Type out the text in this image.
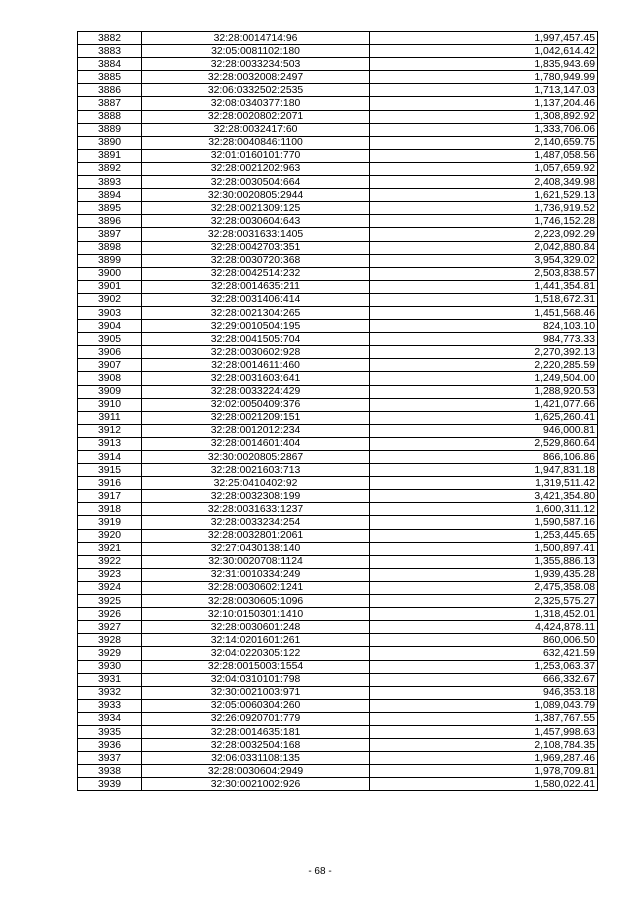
3882	32:28:0014714:96	1,997,457.45
3883	32:05:0081102:180	1,042,614.42
3884	32:28:0033234:503	1,835,943.69
3885	32:28:0032008:2497	1,780,949.99
3886	32:06:0332502:2535	1,713,147.03
3887	32:08:0340377:180	1,137,204.46
3888	32:28:0020802:2071	1,308,892.92
3889	32:28:0032417:60	1,333,706.06
3890	32:28:0040846:1100	2,140,659.75
3891	32:01:0160101:770	1,487,058.56
3892	32:28:0021202:963	1,057,659.92
3893	32:28:0030504:664	2,408,349.98
3894	32:30:0020805:2944	1,621,529.13
3895	32:28:0021309:125	1,736,919.52
3896	32:28:0030604:643	1,746,152.28
3897	32:28:0031633:1405	2,223,092.29
3898	32:28:0042703:351	2,042,880.84
3899	32:28:0030720:368	3,954,329.02
3900	32:28:0042514:232	2,503,838.57
3901	32:28:0014635:211	1,441,354.81
3902	32:28:0031406:414	1,518,672.31
3903	32:28:0021304:265	1,451,568.46
3904	32:29:0010504:195	824,103.10
3905	32:28:0041505:704	984,773.33
3906	32:28:0030602:928	2,270,392.13
3907	32:28:0014611:460	2,220,285.59
3908	32:28:0031603:641	1,249,504.00
3909	32:28:0033224:429	1,288,920.53
3910	32:02:0050409:376	1,421,077.66
3911	32:28:0021209:151	1,625,260.41
3912	32:28:0012012:234	946,000.81
3913	32:28:0014601:404	2,529,860.64
3914	32:30:0020805:2867	866,106.86
3915	32:28:0021603:713	1,947,831.18
3916	32:25:0410402:92	1,319,511.42
3917	32:28:0032308:199	3,421,354.80
3918	32:28:0031633:1237	1,600,311.12
3919	32:28:0033234:254	1,590,587.16
3920	32:28:0032801:2061	1,253,445.65
3921	32:27:0430138:140	1,500,897.41
3922	32:30:0020708:1124	1,355,886.13
3923	32:31:0010334:249	1,939,435.28
3924	32:28:0030602:1241	2,475,358.08
3925	32:28:0030605:1096	2,325,575.27
3926	32:10:0150301:1410	1,318,452.01
3927	32:28:0030601:248	4,424,878.11
3928	32:14:0201601:261	860,006.50
3929	32:04:0220305:122	632,421.59
3930	32:28:0015003:1554	1,253,063.37
3931	32:04:0310101:798	666,332.67
3932	32:30:0021003:971	946,353.18
3933	32:05:0060304:260	1,089,043.79
3934	32:26:0920701:779	1,387,767.55
3935	32:28:0014635:181	1,457,998.63
3936	32:28:0032504:168	2,108,784.35
3937	32:06:0331108:135	1,969,287.46
3938	32:28:0030604:2949	1,978,709.81
3939	32:30:0021002:926	1,580,022.41
- 68 -
